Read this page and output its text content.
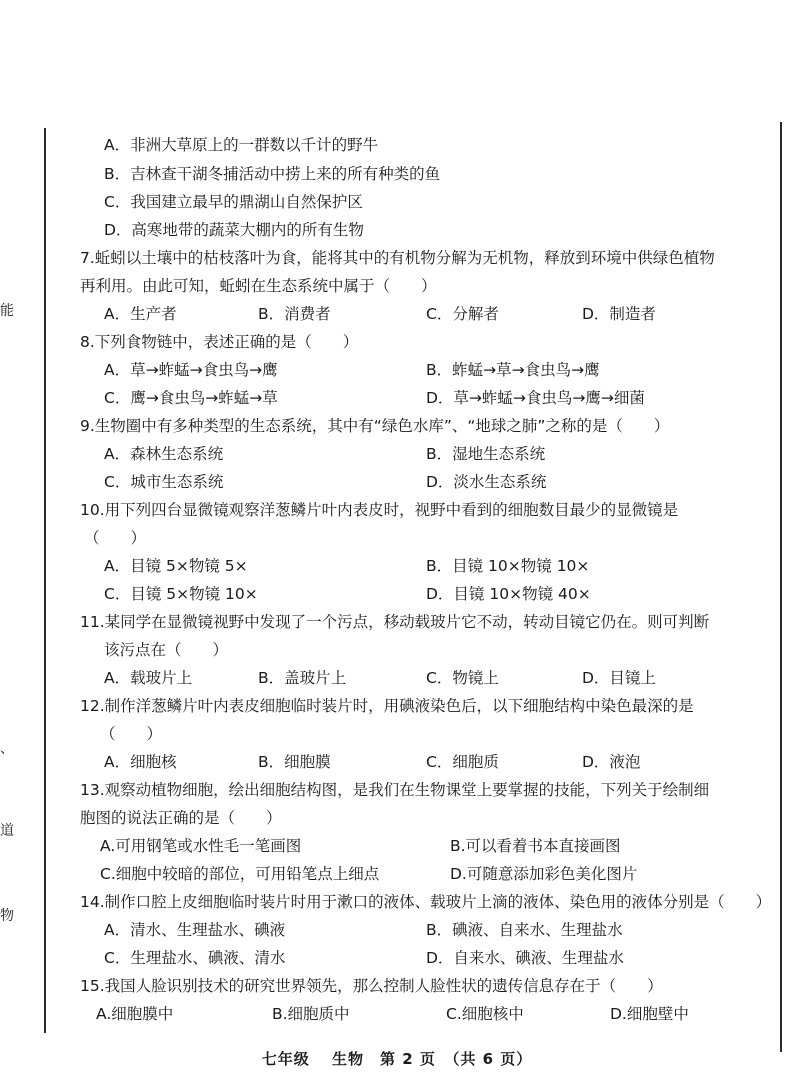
能
、
道
物
A．非洲大草原上的一群数以千计的野牛
B．吉林查干湖冬捕活动中捞上来的所有种类的鱼
C．我国建立最早的鼎湖山自然保护区
D．高寒地带的蔬菜大棚内的所有生物
7.蚯蚓以土壤中的枯枝落叶为食，能将其中的有机物分解为无机物，释放到环境中供绿色植物
再利用。由此可知，蚯蚓在生态系统中属于（　　）
A．生产者	B．消费者	C．分解者	D．制造者
8.下列食物链中，表述正确的是（　　）
A．草→蚱蜢→食虫鸟→鹰	B．蚱蜢→草→食虫鸟→鹰
C．鹰→食虫鸟→蚱蜢→草	D．草→蚱蜢→食虫鸟→鹰→细菌
9.生物圈中有多种类型的生态系统，其中有“绿色水库”、“地球之肺”之称的是（　　）
A．森林生态系统	B．湿地生态系统
C．城市生态系统	D．淡水生态系统
10.用下列四台显微镜观察洋葱鳞片叶内表皮时，视野中看到的细胞数目最少的显微镜是
（　　）
A．目镜 5×物镜 5×	B．目镜 10×物镜 10×
C．目镜 5×物镜 10×	D．目镜 10×物镜 40×
11.某同学在显微镜视野中发现了一个污点，移动载玻片它不动，转动目镜它仍在。则可判断
该污点在（　　）
A．载玻片上	B．盖玻片上	C．物镜上	D．目镜上
12.制作洋葱鳞片叶内表皮细胞临时装片时，用碘液染色后，以下细胞结构中染色最深的是
（　　）
A．细胞核	B．细胞膜	C．细胞质	D．液泡
13.观察动植物细胞，绘出细胞结构图，是我们在生物课堂上要掌握的技能，下列关于绘制细
胞图的说法正确的是（　　）
A.可用钢笔或水性毛一笔画图	B.可以看着书本直接画图
C.细胞中较暗的部位，可用铅笔点上细点	D.可随意添加彩色美化图片
14.制作口腔上皮细胞临时装片时用于漱口的液体、载玻片上滴的液体、染色用的液体分别是（　　）
A．清水、生理盐水、碘液	B．碘液、自来水、生理盐水
C．生理盐水、碘液、清水	D．自来水、碘液、生理盐水
15.我国人脸识别技术的研究世界领先，那么控制人脸性状的遗传信息存在于（　　）
A.细胞膜中	B.细胞质中	C.细胞核中	D.细胞壁中
七年级　 生物　第 2 页　（共 6 页）
